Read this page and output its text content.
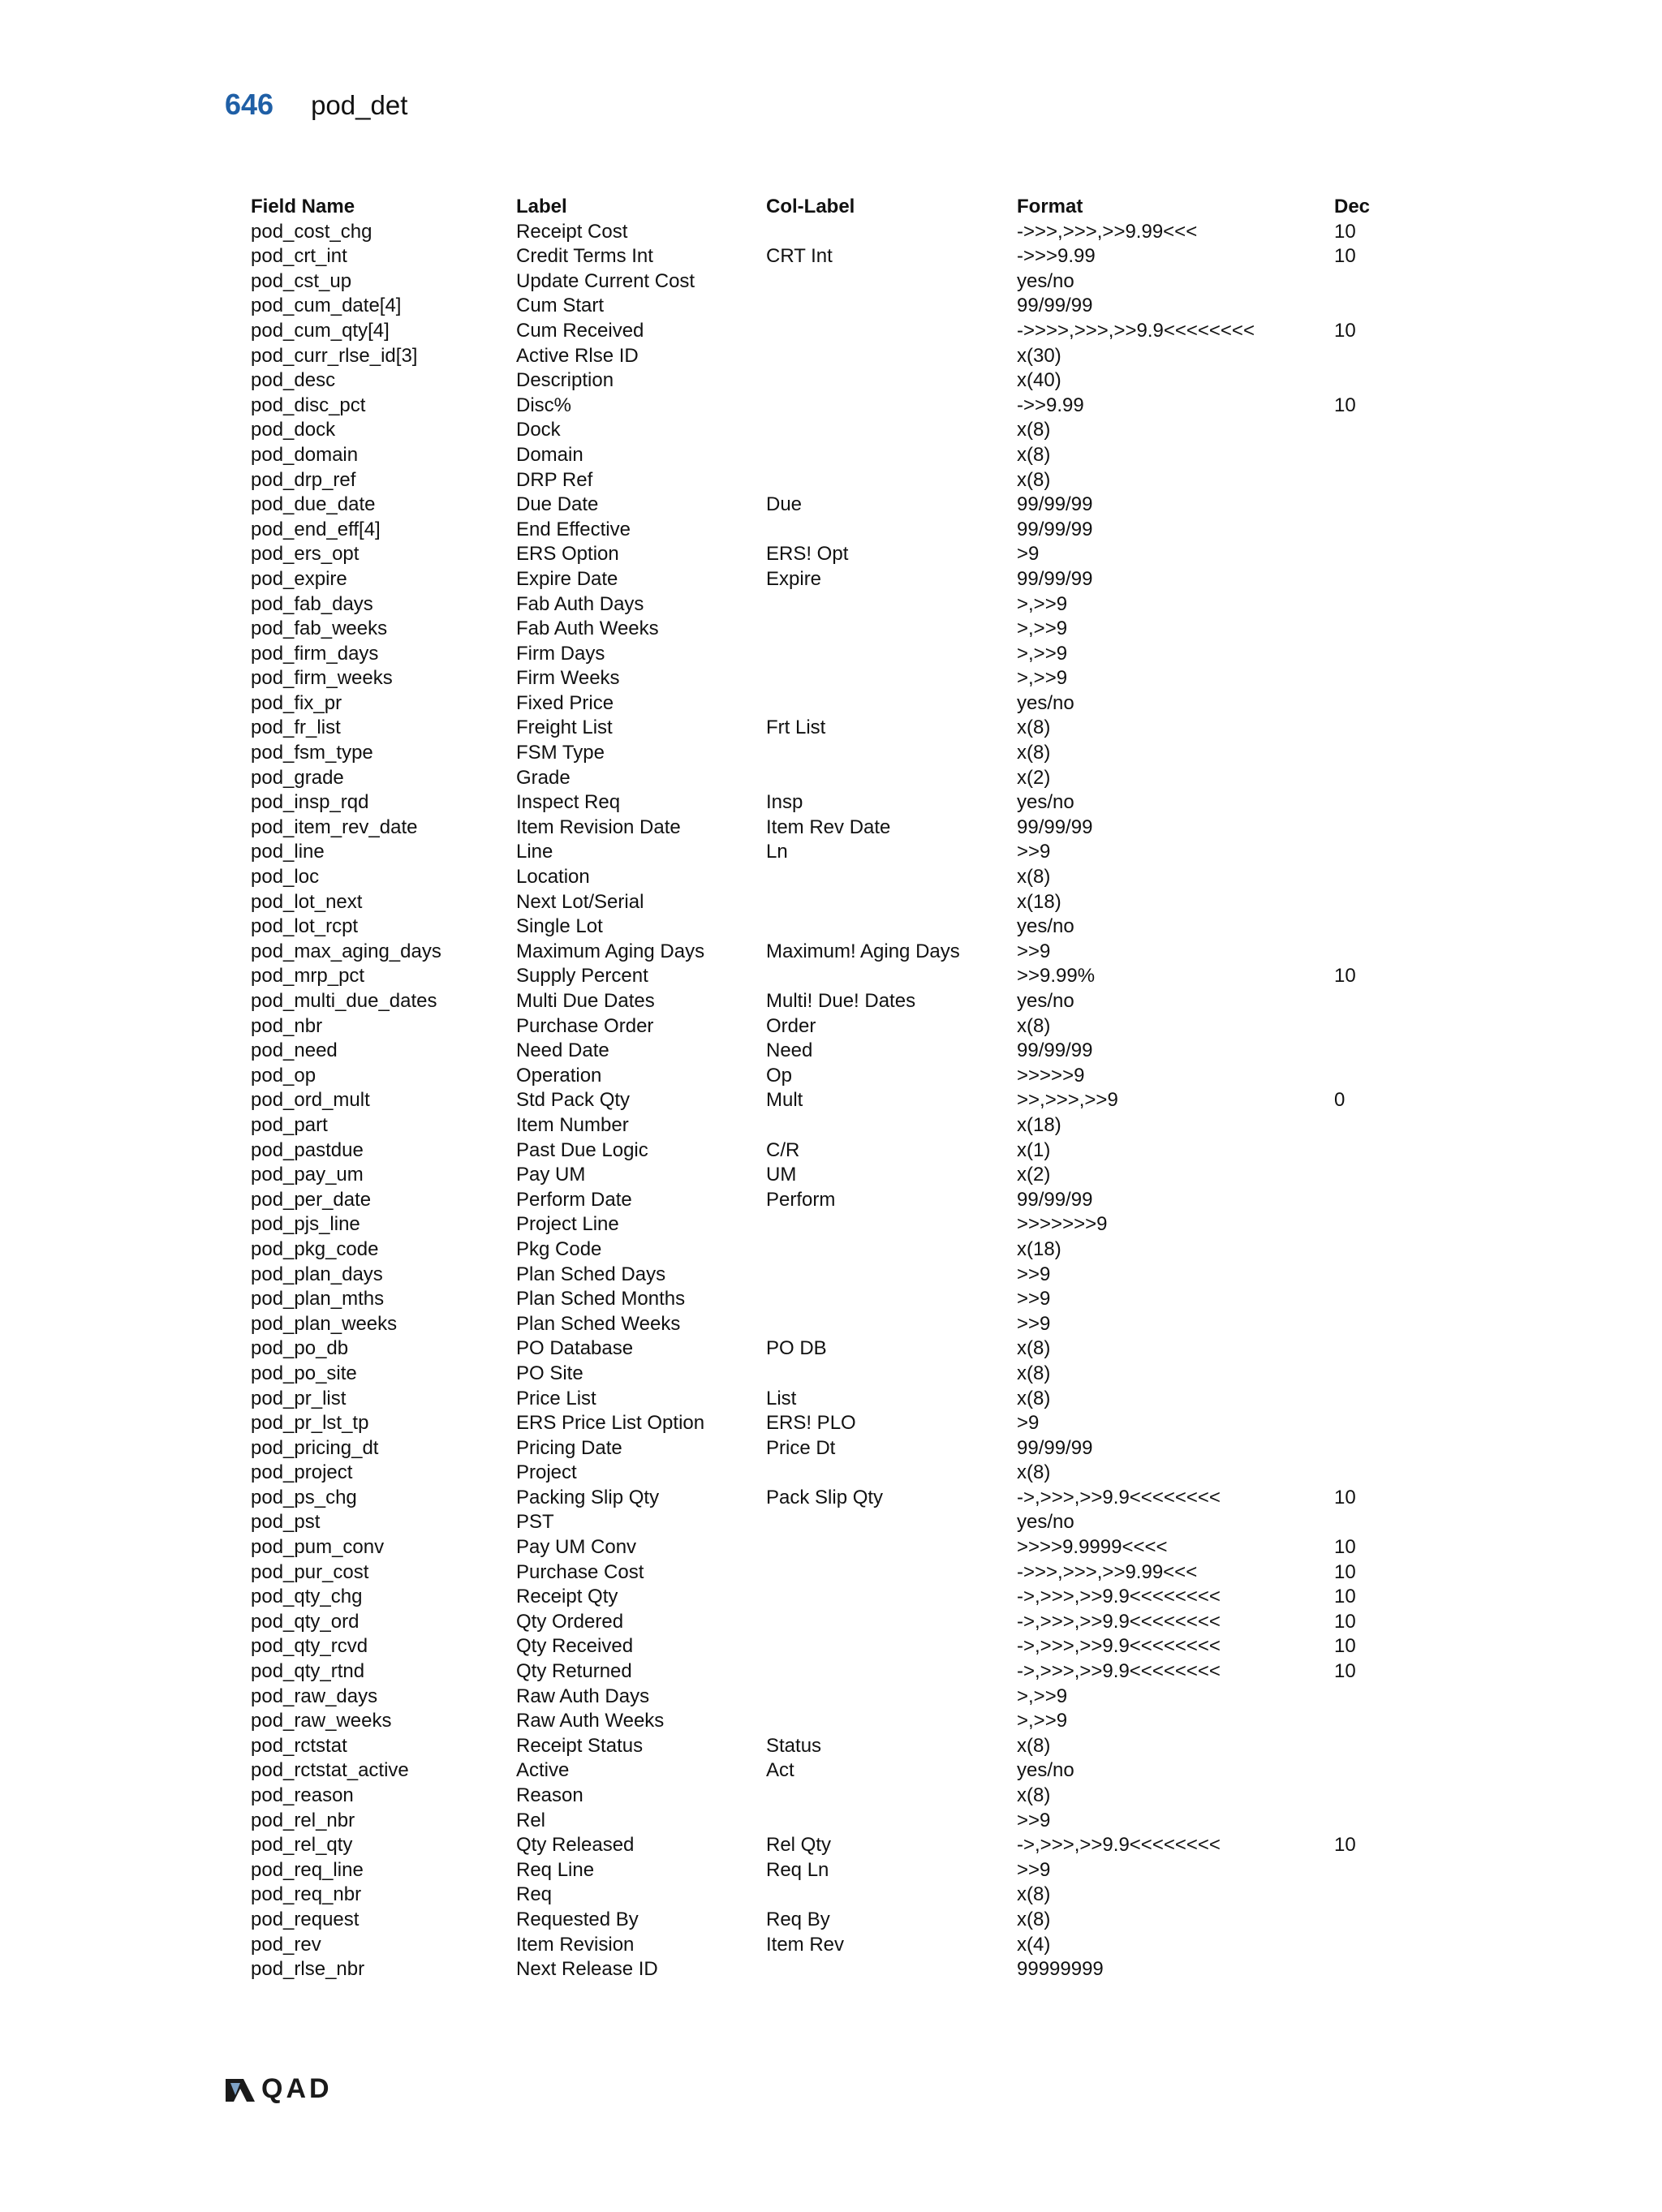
646 pod_det
Field Name	Label	Col-Label	Format	Dec
pod_cost_chg	Receipt Cost		->>>,>>>,>>9.99<<<	10
pod_crt_int	Credit Terms Int	CRT Int	->>>9.99	10
pod_cst_up	Update Current Cost		yes/no	
pod_cum_date[4]	Cum Start		99/99/99	
pod_cum_qty[4]	Cum Received		->>>>,>>>,>>9.9<<<<<<<<	10
pod_curr_rlse_id[3]	Active Rlse ID		x(30)	
pod_desc	Description		x(40)	
pod_disc_pct	Disc%		->>9.99	10
pod_dock	Dock		x(8)	
pod_domain	Domain		x(8)	
pod_drp_ref	DRP Ref		x(8)	
pod_due_date	Due Date	Due	99/99/99	
pod_end_eff[4]	End Effective		99/99/99	
pod_ers_opt	ERS Option	ERS! Opt	>9	
pod_expire	Expire Date	Expire	99/99/99	
pod_fab_days	Fab Auth Days		>,>>9	
pod_fab_weeks	Fab Auth Weeks		>,>>9	
pod_firm_days	Firm Days		>,>>9	
pod_firm_weeks	Firm Weeks		>,>>9	
pod_fix_pr	Fixed Price		yes/no	
pod_fr_list	Freight List	Frt List	x(8)	
pod_fsm_type	FSM Type		x(8)	
pod_grade	Grade		x(2)	
pod_insp_rqd	Inspect Req	Insp	yes/no	
pod_item_rev_date	Item Revision Date	Item Rev Date	99/99/99	
pod_line	Line	Ln	>>9	
pod_loc	Location		x(8)	
pod_lot_next	Next Lot/Serial		x(18)	
pod_lot_rcpt	Single Lot		yes/no	
pod_max_aging_days	Maximum Aging Days	Maximum! Aging Days	>>9	
pod_mrp_pct	Supply Percent		>>9.99%	10
pod_multi_due_dates	Multi Due Dates	Multi! Due! Dates	yes/no	
pod_nbr	Purchase Order	Order	x(8)	
pod_need	Need Date	Need	99/99/99	
pod_op	Operation	Op	>>>>>9	
pod_ord_mult	Std Pack Qty	Mult	>>,>>>,>>9	0
pod_part	Item Number		x(18)	
pod_pastdue	Past Due Logic	C/R	x(1)	
pod_pay_um	Pay UM	UM	x(2)	
pod_per_date	Perform Date	Perform	99/99/99	
pod_pjs_line	Project Line		>>>>>>>9	
pod_pkg_code	Pkg Code		x(18)	
pod_plan_days	Plan Sched Days		>>9	
pod_plan_mths	Plan Sched Months		>>9	
pod_plan_weeks	Plan Sched Weeks		>>9	
pod_po_db	PO Database	PO DB	x(8)	
pod_po_site	PO Site		x(8)	
pod_pr_list	Price List	List	x(8)	
pod_pr_lst_tp	ERS Price List Option	ERS! PLO	>9	
pod_pricing_dt	Pricing Date	Price Dt	99/99/99	
pod_project	Project		x(8)	
pod_ps_chg	Packing Slip Qty	Pack Slip Qty	->,>>>,>>9.9<<<<<<<<	10
pod_pst	PST		yes/no	
pod_pum_conv	Pay UM Conv		>>>>9.9999<<<<	10
pod_pur_cost	Purchase Cost		->>>,>>>,>>9.99<<<	10
pod_qty_chg	Receipt Qty		->,>>>,>>9.9<<<<<<<<	10
pod_qty_ord	Qty Ordered		->,>>>,>>9.9<<<<<<<<	10
pod_qty_rcvd	Qty Received		->,>>>,>>9.9<<<<<<<<	10
pod_qty_rtnd	Qty Returned		->,>>>,>>9.9<<<<<<<<	10
pod_raw_days	Raw Auth Days		>,>>9	
pod_raw_weeks	Raw Auth Weeks		>,>>9	
pod_rctstat	Receipt Status	Status	x(8)	
pod_rctstat_active	Active	Act	yes/no	
pod_reason	Reason		x(8)	
pod_rel_nbr	Rel		>>9	
pod_rel_qty	Qty Released	Rel Qty	->,>>>,>>9.9<<<<<<<<	10
pod_req_line	Req Line	Req Ln	>>9	
pod_req_nbr	Req		x(8)	
pod_request	Requested By	Req By	x(8)	
pod_rev	Item Revision	Item Rev	x(4)	
pod_rlse_nbr	Next Release ID		99999999	
QAD
